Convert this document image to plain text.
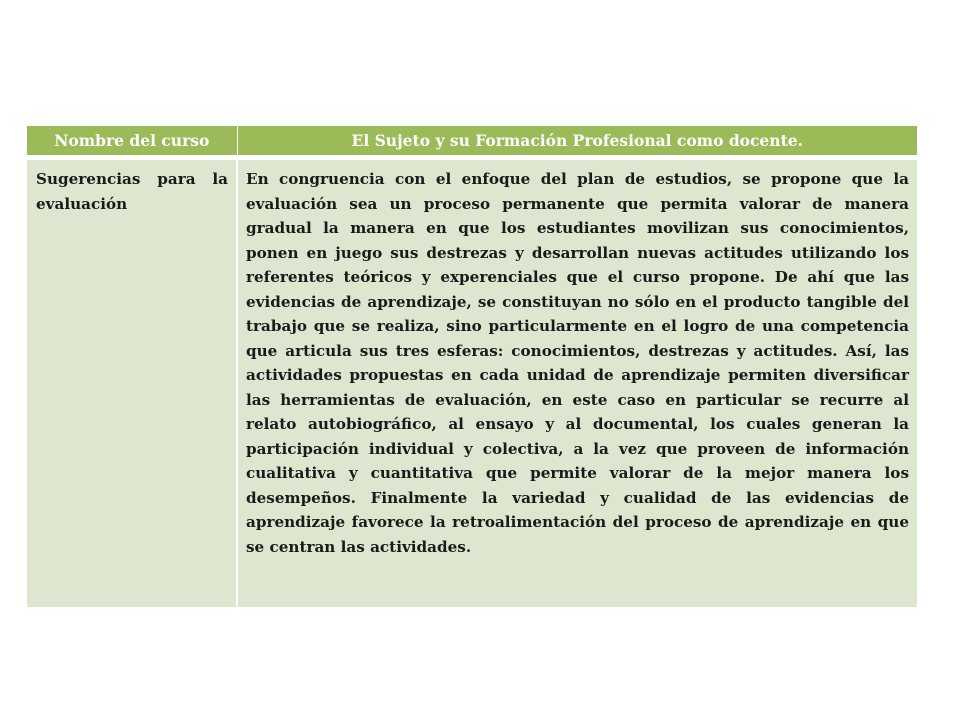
Nombre del curso	El Sujeto y su Formación Profesional como docente.

Sugerencias para la evaluación	En congruencia con el enfoque del plan de estudios, se propone que la evaluación sea un proceso permanente que permita valorar de manera gradual la manera en que los estudiantes movilizan sus conocimientos, ponen en juego sus destrezas y desarrollan nuevas actitudes utilizando los referentes teóricos y experenciales que el curso propone. De ahí que las evidencias de aprendizaje, se constituyan no sólo en el producto tangible del trabajo que se realiza, sino particularmente en el logro de una competencia que articula sus tres esferas: conocimientos, destrezas y actitudes. Así, las actividades propuestas en cada unidad de aprendizaje permiten diversificar las herramientas de evaluación, en este caso en particular se recurre al relato autobiográfico, al ensayo y al documental, los cuales generan la participación individual y colectiva, a la vez que proveen de información cualitativa y cuantitativa que permite valorar de la mejor manera los desempeños. Finalmente la variedad y cualidad de las evidencias de aprendizaje favorece la retroalimentación del proceso de aprendizaje en que se centran las actividades.
